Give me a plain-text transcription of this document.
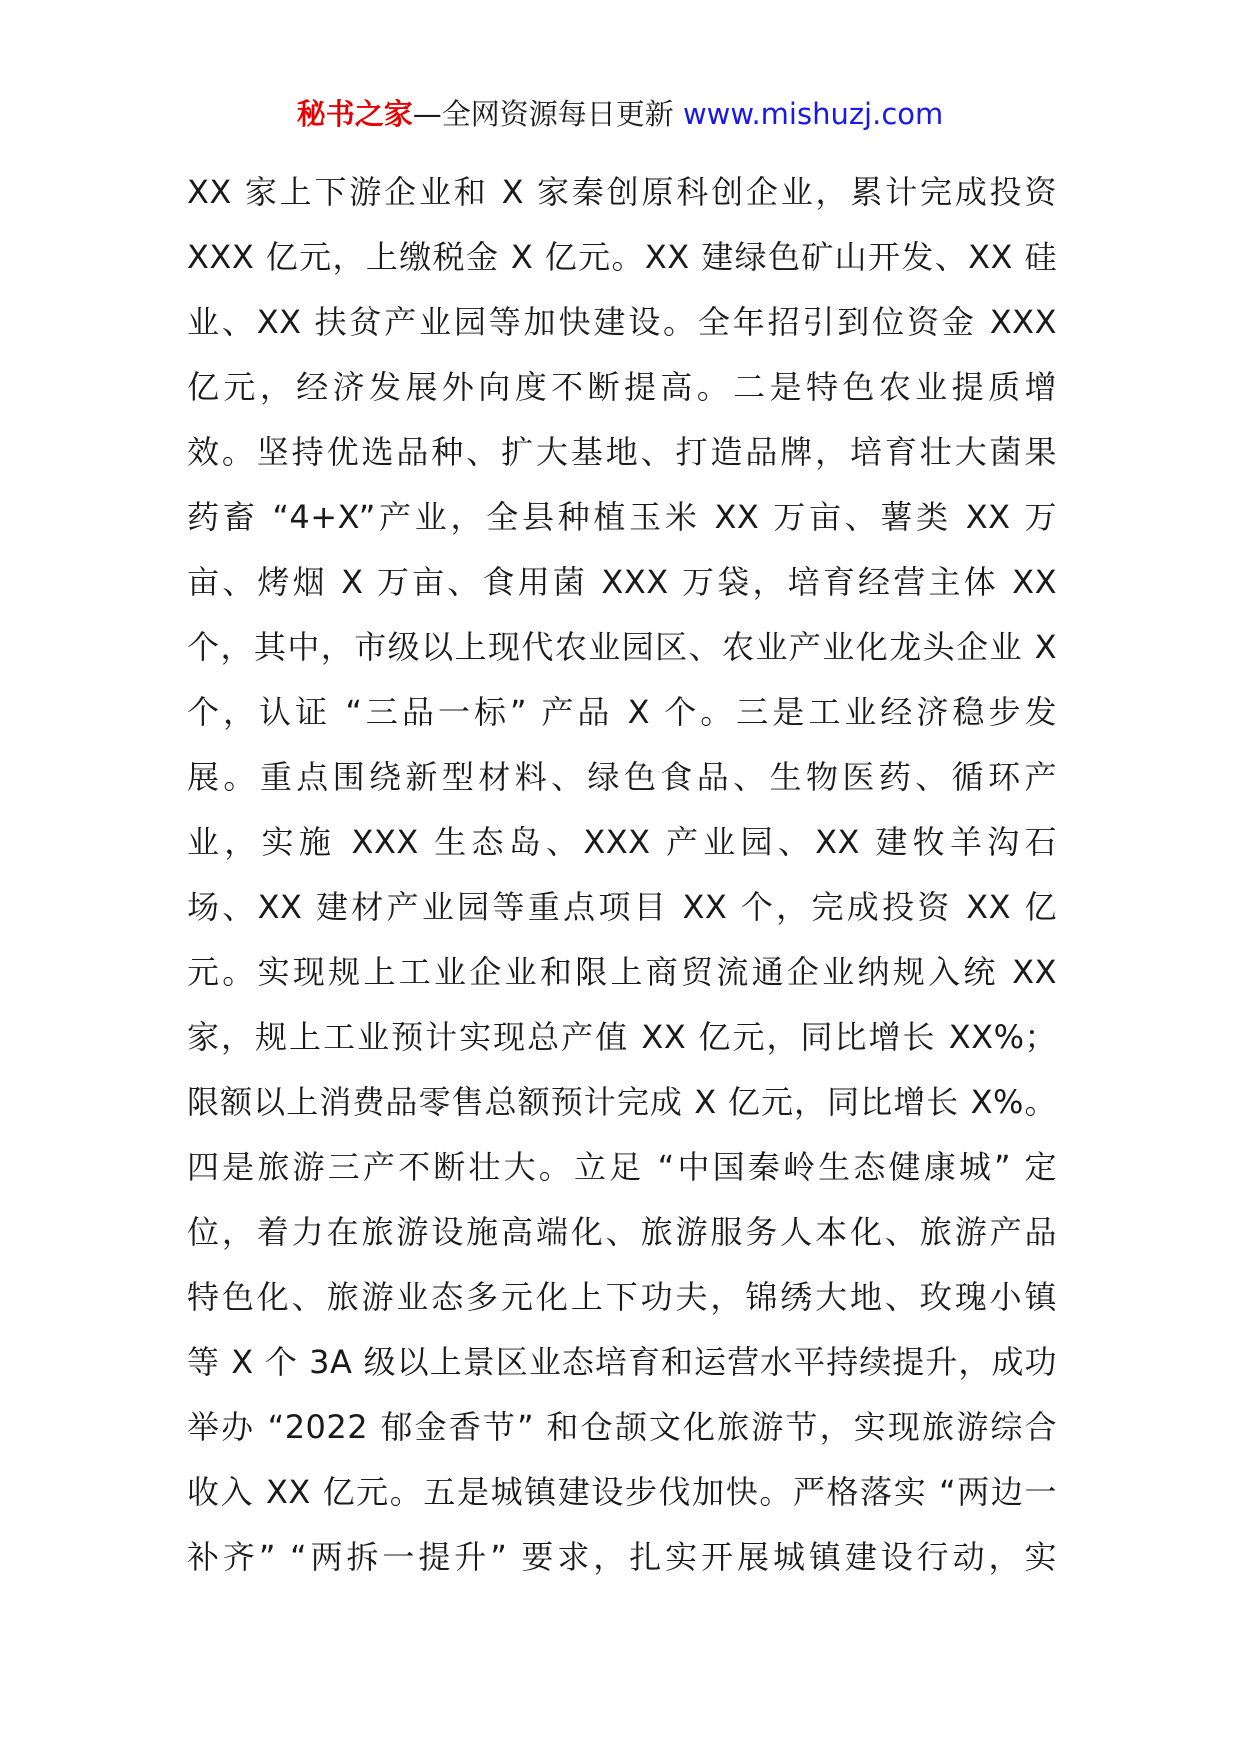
秘书之家—全网资源每日更新 www.mishuzj.com
XX 家上下游企业和 X 家秦创原科创企业，累计完成投资
XXX 亿元，上缴税金 X 亿元。XX 建绿色矿山开发、XX 硅
业、XX 扶贫产业园等加快建设。全年招引到位资金 XXX
亿元，经济发展外向度不断提高。二是特色农业提质增
效。坚持优选品种、扩大基地、打造品牌，培育壮大菌果
药畜 “4+X”产业，全县种植玉米 XX 万亩、薯类 XX 万
亩、烤烟 X 万亩、食用菌 XXX 万袋，培育经营主体 XX
个，其中，市级以上现代农业园区、农业产业化龙头企业 X
个，认证 “三品一标” 产品 X 个。三是工业经济稳步发
展。重点围绕新型材料、绿色食品、生物医药、循环产
业，实施 XXX 生态岛、XXX 产业园、XX 建牧羊沟石
场、XX 建材产业园等重点项目 XX 个，完成投资 XX 亿
元。实现规上工业企业和限上商贸流通企业纳规入统 XX
家，规上工业预计实现总产值 XX 亿元，同比增长 XX%；
限额以上消费品零售总额预计完成 X 亿元，同比增长 X%。
四是旅游三产不断壮大。立足 “中国秦岭生态健康城” 定
位，着力在旅游设施高端化、旅游服务人本化、旅游产品
特色化、旅游业态多元化上下功夫，锦绣大地、玫瑰小镇
等 X 个 3A 级以上景区业态培育和运营水平持续提升，成功
举办 “2022 郁金香节” 和仓颉文化旅游节，实现旅游综合
收入 XX 亿元。五是城镇建设步伐加快。严格落实 “两边一
补齐” “两拆一提升” 要求，扎实开展城镇建设行动，实
